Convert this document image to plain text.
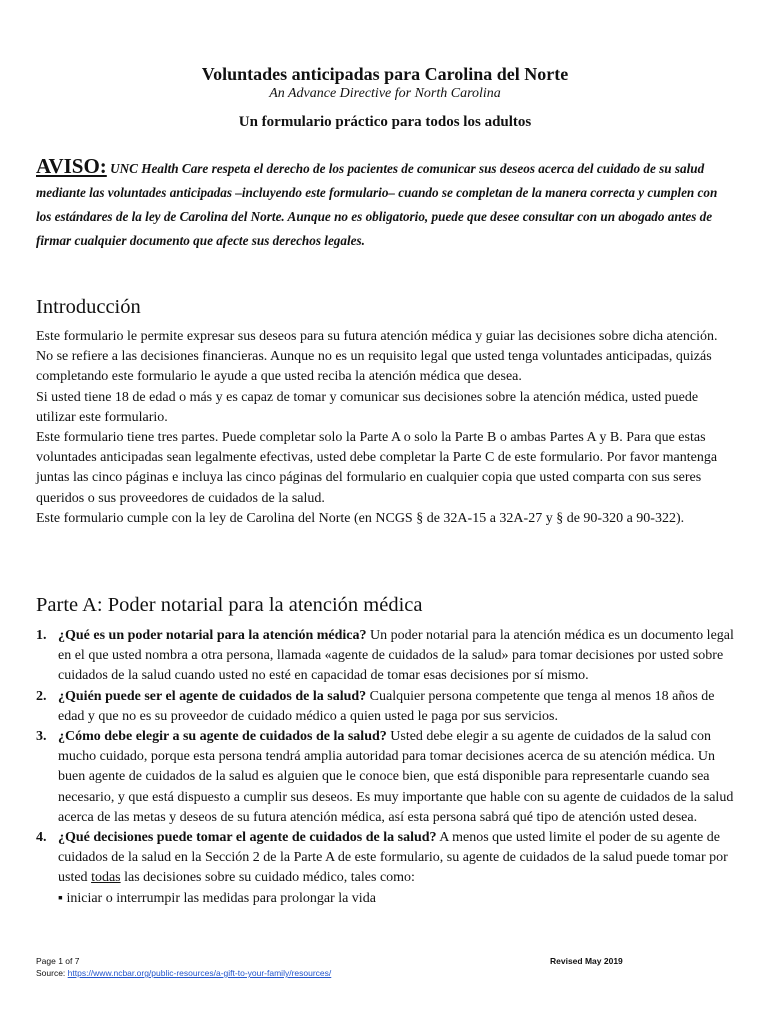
Voluntades anticipadas para Carolina del Norte
An Advance Directive for North Carolina
Un formulario práctico para todos los adultos
AVISO: UNC Health Care respeta el derecho de los pacientes de comunicar sus deseos acerca del cuidado de su salud mediante las voluntades anticipadas –incluyendo este formulario– cuando se completan de la manera correcta y cumplen con los estándares de la ley de Carolina del Norte. Aunque no es obligatorio, puede que desee consultar con un abogado antes de firmar cualquier documento que afecte sus derechos legales.
Introducción

Este formulario le permite expresar sus deseos para su futura atención médica y guiar las decisiones sobre dicha atención. No se refiere a las decisiones financieras. Aunque no es un requisito legal que usted tenga voluntades anticipadas, quizás completando este formulario le ayude a que usted reciba la atención médica que desea.

Si usted tiene 18 de edad o más y es capaz de tomar y comunicar sus decisiones sobre la atención médica, usted puede utilizar este formulario.

Este formulario tiene tres partes. Puede completar solo la Parte A o solo la Parte B o ambas Partes A y B. Para que estas voluntades anticipadas sean legalmente efectivas, usted debe completar la Parte C de este formulario. Por favor mantenga juntas las cinco páginas e incluya las cinco páginas del formulario en cualquier copia que usted comparta con sus seres queridos o sus proveedores de cuidados de la salud.

Este formulario cumple con la ley de Carolina del Norte (en NCGS § de 32A-15 a 32A-27 y § de 90-320 a 90-322).

Parte A: Poder notarial para la atención médica
1. ¿Qué es un poder notarial para la atención médica? Un poder notarial para la atención médica es un documento legal en el que usted nombra a otra persona, llamada «agente de cuidados de la salud» para tomar decisiones por usted sobre cuidados de la salud cuando usted no esté en capacidad de tomar esas decisiones por sí mismo.
2. ¿Quién puede ser el agente de cuidados de la salud? Cualquier persona competente que tenga al menos 18 años de edad y que no es su proveedor de cuidado médico a quien usted le paga por sus servicios.
3. ¿Cómo debe elegir a su agente de cuidados de la salud? Usted debe elegir a su agente de cuidados de la salud con mucho cuidado, porque esta persona tendrá amplia autoridad para tomar decisiones acerca de su atención médica. Un buen agente de cuidados de la salud es alguien que le conoce bien, que está disponible para representarle cuando sea necesario, y que está dispuesto a cumplir sus deseos. Es muy importante que hable con su agente de cuidados de la salud acerca de las metas y deseos de su futura atención médica, así esta persona sabrá qué tipo de atención usted desea.
4. ¿Qué decisiones puede tomar el agente de cuidados de la salud? A menos que usted limite el poder de su agente de cuidados de la salud en la Sección 2 de la Parte A de este formulario, su agente de cuidados de la salud puede tomar por usted todas las decisiones sobre su cuidado médico, tales como:

▪ iniciar o interrumpir las medidas para prolongar la vida

Page 1 of 7	Revised May 2019
Source: https://www.ncbar.org/public-resources/a-gift-to-your-family/resources/
